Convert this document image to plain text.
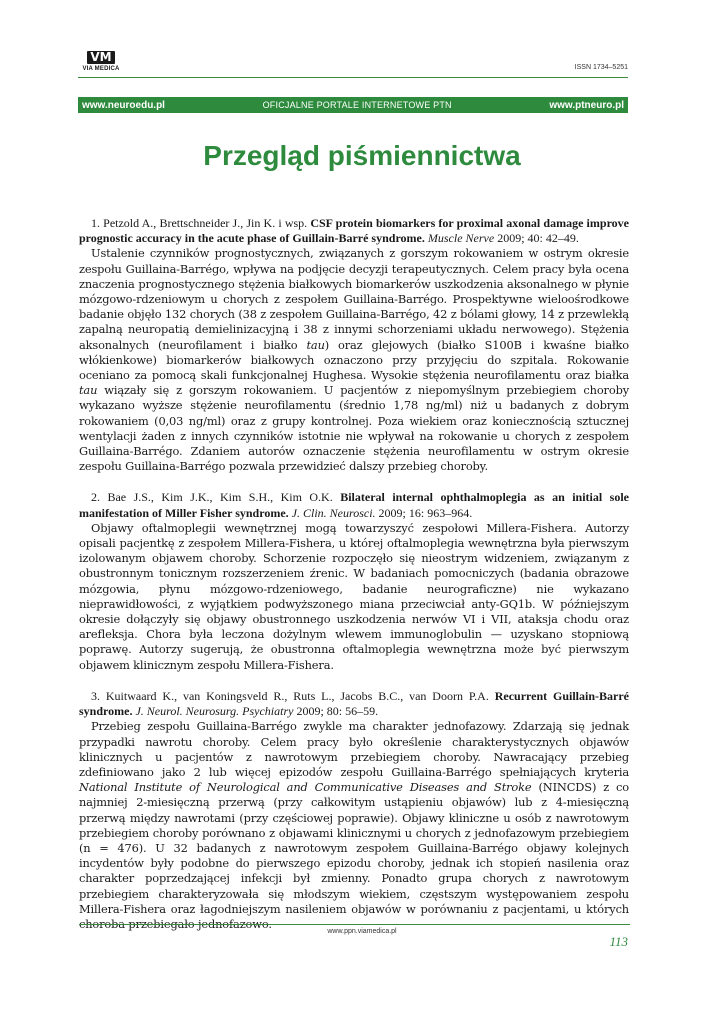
VM
VIA MEDICA	ISSN 1734–5251
www.neuroedu.pl	OFICJALNE PORTALE INTERNETOWE PTN	www.ptneuro.pl
Przegląd piśmiennictwa

1. Petzold A., Brettschneider J., Jin K. i wsp. CSF protein biomarkers for proximal axonal damage improve prognostic accuracy in the acute phase of Guillain-Barré syndrome. Muscle Nerve 2009; 40: 42–49.

Ustalenie czynników prognostycznych, związanych z gorszym rokowaniem w ostrym okresie zespołu Guillaina-Barrégo, wpływa na podjęcie decyzji terapeutycznych. Celem pracy była ocena znaczenia prognostycznego stężenia białkowych biomarkerów uszkodzenia aksonalnego w płynie mózgowo-rdzeniowym u chorych z zespołem Guillaina-Barrégo. Prospektywne wieloośrodkowe badanie objęło 132 chorych (38 z zespołem Guillaina-Barrégo, 42 z bólami głowy, 14 z przewlekłą zapalną neuropatią demielinizacyjną i 38 z innymi schorzeniami układu nerwowego). Stężenia aksonalnych (neurofilament i białko tau) oraz glejowych (białko S100B i kwaśne białko włókienkowe) biomarkerów białkowych oznaczono przy przyjęciu do szpitala. Rokowanie oceniano za pomocą skali funkcjonalnej Hughesa. Wysokie stężenia neurofilamentu oraz białka tau wiązały się z gorszym rokowaniem. U pacjentów z niepomyślnym przebiegiem choroby wykazano wyższe stężenie neurofilamentu (średnio 1,78 ng/ml) niż u badanych z dobrym rokowaniem (0,03 ng/ml) oraz z grupy kontrolnej. Poza wiekiem oraz koniecznością sztucznej wentylacji żaden z innych czynników istotnie nie wpływał na rokowanie u chorych z zespołem Guillaina-Barrégo. Zdaniem autorów oznaczenie stężenia neurofilamentu w ostrym okresie zespołu Guillaina-Barrégo pozwala przewidzieć dalszy przebieg choroby.

2. Bae J.S., Kim J.K., Kim S.H., Kim O.K. Bilateral internal ophthalmoplegia as an initial sole manifestation of Miller Fisher syndrome. J. Clin. Neurosci. 2009; 16: 963–964.

Objawy oftalmoplegii wewnętrznej mogą towarzyszyć zespołowi Millera-Fishera. Autorzy opisali pacjentkę z zespołem Millera-Fishera, u której oftalmoplegia wewnętrzna była pierwszym izolowanym objawem choroby. Schorzenie rozpoczęło się nieostrym widzeniem, związanym z obustronnym tonicznym rozszerzeniem źrenic. W badaniach pomocniczych (badania obrazowe mózgowia, płynu mózgowo-rdzeniowego, badanie neurograficzne) nie wykazano nieprawidłowości, z wyjątkiem podwyższonego miana przeciwciał anty-GQ1b. W późniejszym okresie dołączyły się objawy obustronnego uszkodzenia nerwów VI i VII, ataksja chodu oraz arefleksja. Chora była leczona dożylnym wlewem immunoglobulin — uzyskano stopniową poprawę. Autorzy sugerują, że obustronna oftalmoplegia wewnętrzna może być pierwszym objawem klinicznym zespołu Millera-Fishera.

3. Kuitwaard K., van Koningsveld R., Ruts L., Jacobs B.C., van Doorn P.A. Recurrent Guillain-Barré syndrome. J. Neurol. Neurosurg. Psychiatry 2009; 80: 56–59.

Przebieg zespołu Guillaina-Barrégo zwykle ma charakter jednofazowy. Zdarzają się jednak przypadki nawrotu choroby. Celem pracy było określenie charakterystycznych objawów klinicznych u pacjentów z nawrotowym przebiegiem choroby. Nawracający przebieg zdefiniowano jako 2 lub więcej epizodów zespołu Guillaina-Barrégo spełniających kryteria National Institute of Neurological and Communicative Diseases and Stroke (NINCDS) z co najmniej 2-miesięczną przerwą (przy całkowitym ustąpieniu objawów) lub z 4-miesięczną przerwą między nawrotami (przy częściowej poprawie). Objawy kliniczne u osób z nawrotowym przebiegiem choroby porównano z objawami klinicznymi u chorych z jednofazowym przebiegiem (n = 476). U 32 badanych z nawrotowym zespołem Guillaina-Barrégo objawy kolejnych incydentów były podobne do pierwszego epizodu choroby, jednak ich stopień nasilenia oraz charakter poprzedzającej infekcji był zmienny. Ponadto grupa chorych z nawrotowym przebiegiem charakteryzowała się młodszym wiekiem, częstszym występowaniem zespołu Millera-Fishera oraz łagodniejszym nasileniem objawów w porównaniu z pacjentami, u których choroba przebiegało jednofazowo.

www.ppn.viamedica.pl
113
